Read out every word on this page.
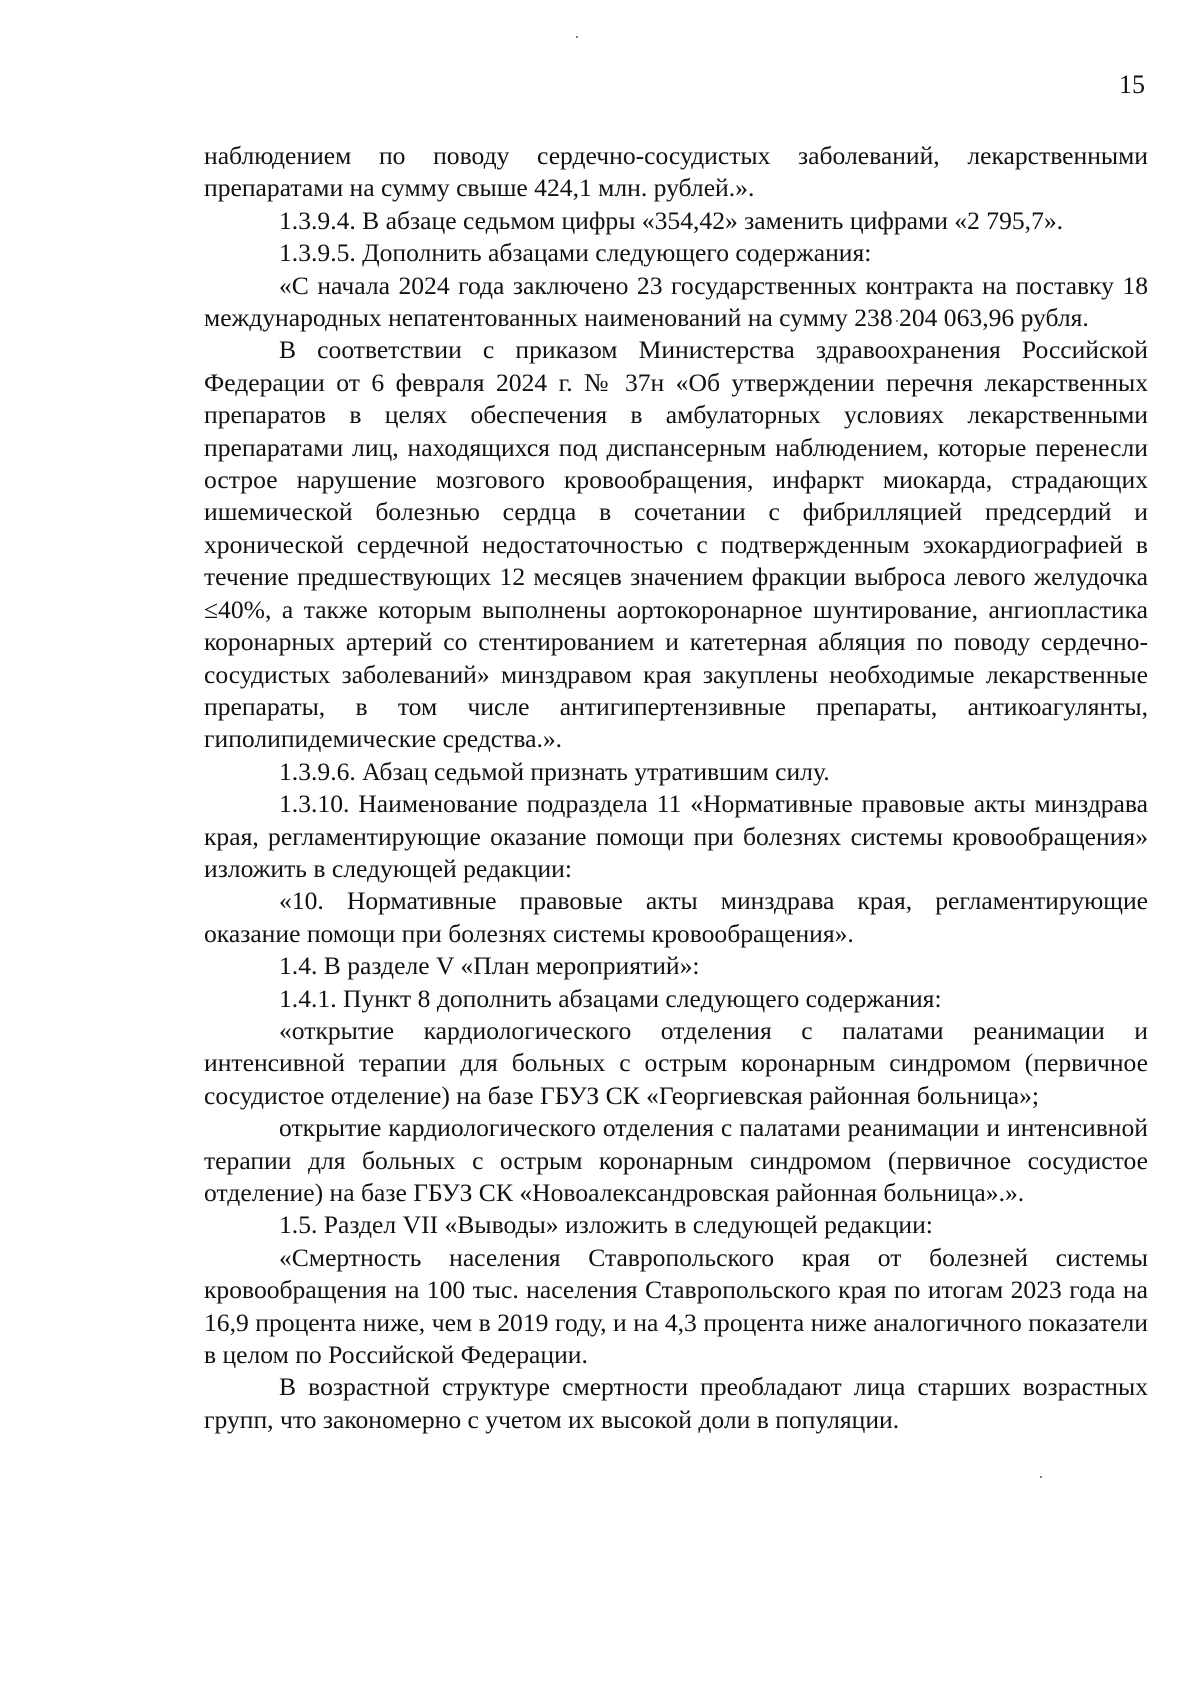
15

наблюдением по поводу сердечно-сосудистых заболеваний, лекарственными препаратами на сумму свыше 424,1 млн. рублей.».

1.3.9.4. В абзаце седьмом цифры «354,42» заменить цифрами «2 795,7».

1.3.9.5. Дополнить абзацами следующего содержания:

«С начала 2024 года заключено 23 государственных контракта на поставку 18 международных непатентованных наименований на сумму 238 204 063,96 рубля.

В соответствии с приказом Министерства здравоохранения Российской Федерации от 6 февраля 2024 г. № 37н «Об утверждении перечня лекарственных препаратов в целях обеспечения в амбулаторных условиях лекарственными препаратами лиц, находящихся под диспансерным наблюдением, которые перенесли острое нарушение мозгового кровообращения, инфаркт миокарда, страдающих ишемической болезнью сердца в сочетании с фибрилляцией предсердий и хронической сердечной недостаточностью с подтвержденным эхокардиографией в течение предшествующих 12 месяцев значением фракции выброса левого желудочка ≤40%, а также которым выполнены аортокоронарное шунтирование, ангиопластика коронарных артерий со стентированием и катетерная абляция по поводу сердечно-сосудистых заболеваний» минздравом края закуплены необходимые лекарственные препараты, в том числе антигипертензивные препараты, антикоагулянты, гиполипидемические средства.».

1.3.9.6. Абзац седьмой признать утратившим силу.

1.3.10. Наименование подраздела 11 «Нормативные правовые акты минздрава края, регламентирующие оказание помощи при болезнях системы кровообращения» изложить в следующей редакции:

«10. Нормативные правовые акты минздрава края, регламентирующие оказание помощи при болезнях системы кровообращения».

1.4. В разделе V «План мероприятий»:

1.4.1. Пункт 8 дополнить абзацами следующего содержания:

«открытие кардиологического отделения с палатами реанимации и интенсивной терапии для больных с острым коронарным синдромом (первичное сосудистое отделение) на базе ГБУЗ СК «Георгиевская районная больница»;

открытие кардиологического отделения с палатами реанимации и интенсивной терапии для больных с острым коронарным синдромом (первичное сосудистое отделение) на базе ГБУЗ СК «Новоалександровская районная больница».».

1.5. Раздел VII «Выводы» изложить в следующей редакции:

«Смертность населения Ставропольского края от болезней системы кровообращения на 100 тыс. населения Ставропольского края по итогам 2023 года на 16,9 процента ниже, чем в 2019 году, и на 4,3 процента ниже аналогичного показатели в целом по Российской Федерации.

В возрастной структуре смертности преобладают лица старших возрастных групп, что закономерно с учетом их высокой доли в популяции.
